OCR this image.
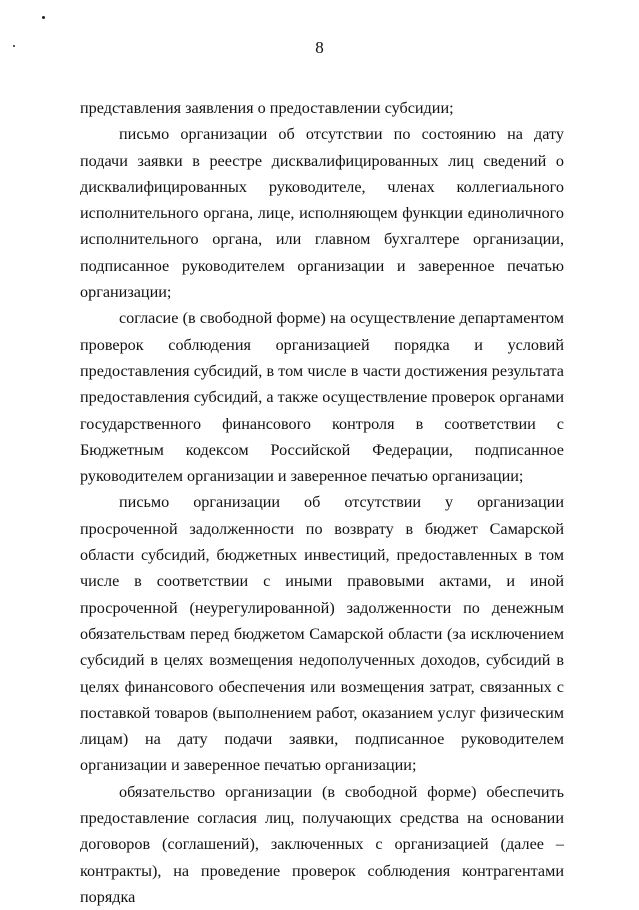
8

представления заявления о предоставлении субсидии;

письмо организации об отсутствии по состоянию на дату подачи заявки в реестре дисквалифицированных лиц сведений о дисквалифицированных руководителе, членах коллегиального исполнительного органа, лице, исполняющем функции единоличного исполнительного органа, или главном бухгалтере организации, подписанное руководителем организации и заверенное печатью организации;

согласие (в свободной форме) на осуществление департаментом проверок соблюдения организацией порядка и условий предоставления субсидий, в том числе в части достижения результата предоставления субсидий, а также осуществление проверок органами государственного финансового контроля в соответствии с Бюджетным кодексом Российской Федерации, подписанное руководителем организации и заверенное печатью организации;

письмо организации об отсутствии у организации просроченной задолженности по возврату в бюджет Самарской области субсидий, бюджетных инвестиций, предоставленных в том числе в соответствии с иными правовыми актами, и иной просроченной (неурегулированной) задолженности по денежным обязательствам перед бюджетом Самарской области (за исключением субсидий в целях возмещения недополученных доходов, субсидий в целях финансового обеспечения или возмещения затрат, связанных с поставкой товаров (выполнением работ, оказанием услуг физическим лицам) на дату подачи заявки, подписанное руководителем организации и заверенное печатью организации;

обязательство организации (в свободной форме) обеспечить предоставление согласия лиц, получающих средства на основании договоров (соглашений), заключенных с организацией (далее – контракты), на проведение проверок соблюдения контрагентами порядка
